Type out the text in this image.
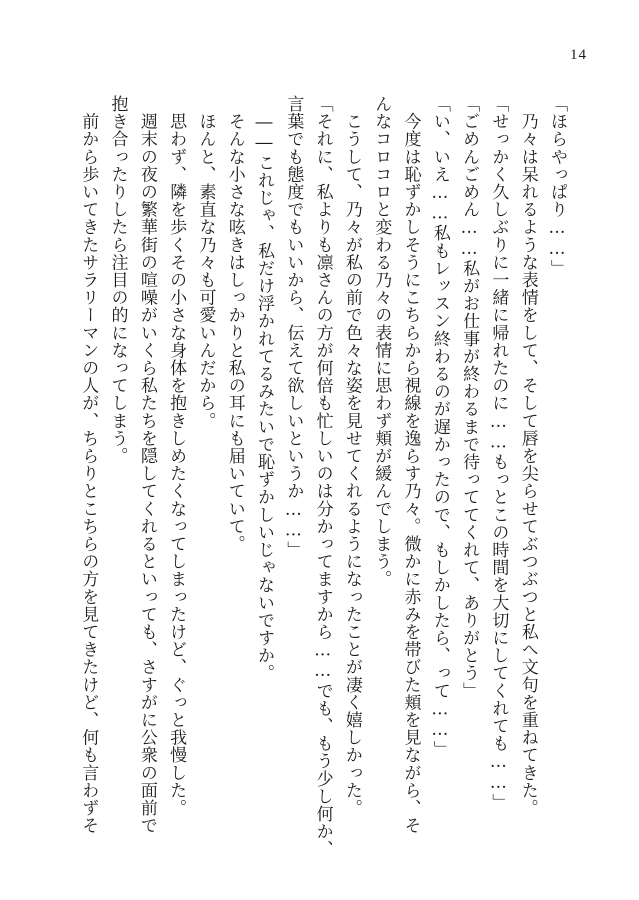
14
「ほらやっぱり……」
　乃々は呆れるような表情をして、そして唇を尖らせてぶつぶつと私へ文句を重ねてきた。
「せっかく久しぶりに一緒に帰れたのに……もっとこの時間を大切にしてくれても……」
「ごめんごめん……私がお仕事が終わるまで待っててくれて、ありがとう」
「い、いえ……私もレッスン終わるのが遅かったので、もしかしたら、って……」
　今度は恥ずかしそうにこちらから視線を逸らす乃々。微かに赤みを帯びた頬を見ながら、そ
んなコロコロと変わる乃々の表情に思わず頬が緩んでしまう。
　こうして、乃々が私の前で色々な姿を見せてくれるようになったことが凄く嬉しかった。
「それに、私よりも凛さんの方が何倍も忙しいのは分かってますから……でも、もう少し何か、
言葉でも態度でもいいから、伝えて欲しいというか……」
　――これじゃ、私だけ浮かれてるみたいで恥ずかしいじゃないですか。
　そんな小さな呟きはしっかりと私の耳にも届いていて。
　ほんと、素直な乃々も可愛いんだから。
　思わず、隣を歩くその小さな身体を抱きしめたくなってしまったけど、ぐっと我慢した。
　週末の夜の繁華街の喧噪がいくら私たちを隠してくれるといっても、さすがに公衆の面前で
抱き合ったりしたら注目の的になってしまう。
　前から歩いてきたサラリーマンの人が、ちらりとこちらの方を見てきたけど、何も言わずそ
